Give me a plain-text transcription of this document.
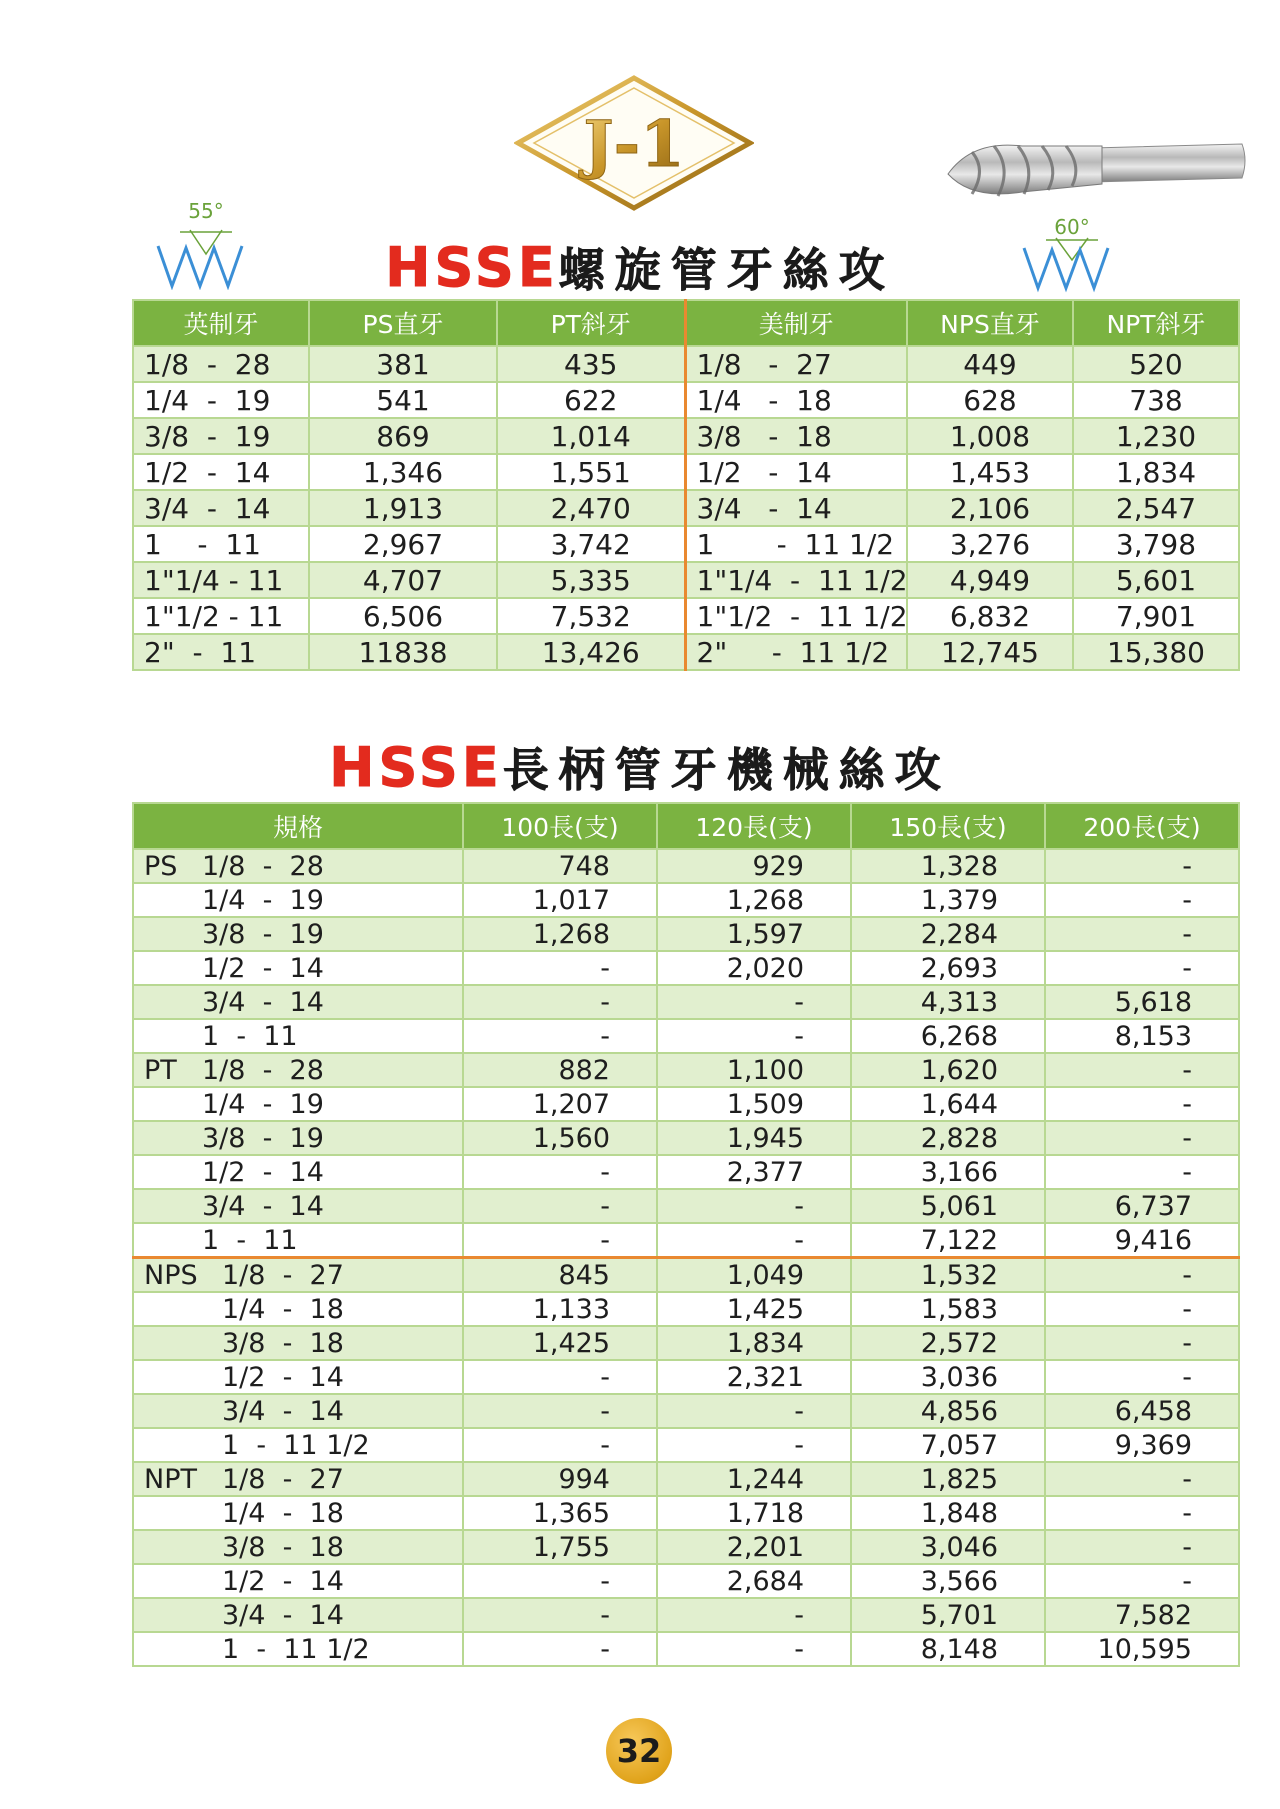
J-1
55°
60°
HSSE螺旋管牙絲攻
英制牙	PS直牙	PT斜牙	美制牙	NPS直牙	NPT斜牙
1/8  -  28	381	435	1/8   -  27	449	520
1/4  -  19	541	622	1/4   -  18	628	738
3/8  -  19	869	1,014	3/8   -  18	1,008	1,230
1/2  -  14	1,346	1,551	1/2   -  14	1,453	1,834
3/4  -  14	1,913	2,470	3/4   -  14	2,106	2,547
1    -  11	2,967	3,742	1       -  11 1/2	3,276	3,798
1"1/4 - 11	4,707	5,335	1"1/4  -  11 1/2	4,949	5,601
1"1/2 - 11	6,506	7,532	1"1/2  -  11 1/2	6,832	7,901
2"  -  11	11838	13,426	2"     -  11 1/2	12,745	15,380
HSSE長柄管牙機械絲攻
規格	100長(支)	120長(支)	150長(支)	200長(支)
PS 1/8  -  28	748	929	1,328	-
1/4  -  19	1,017	1,268	1,379	-
3/8  -  19	1,268	1,597	2,284	-
1/2  -  14	-	2,020	2,693	-
3/4  -  14	-	-	4,313	5,618
1  -  11	-	-	6,268	8,153
PT 1/8  -  28	882	1,100	1,620	-
1/4  -  19	1,207	1,509	1,644	-
3/8  -  19	1,560	1,945	2,828	-
1/2  -  14	-	2,377	3,166	-
3/4  -  14	-	-	5,061	6,737
1  -  11	-	-	7,122	9,416
NPS 1/8  -  27	845	1,049	1,532	-
1/4  -  18	1,133	1,425	1,583	-
3/8  -  18	1,425	1,834	2,572	-
1/2  -  14	-	2,321	3,036	-
3/4  -  14	-	-	4,856	6,458
1  -  11 1/2	-	-	7,057	9,369
NPT 1/8  -  27	994	1,244	1,825	-
1/4  -  18	1,365	1,718	1,848	-
3/8  -  18	1,755	2,201	3,046	-
1/2  -  14	-	2,684	3,566	-
3/4  -  14	-	-	5,701	7,582
1  -  11 1/2	-	-	8,148	10,595
32
